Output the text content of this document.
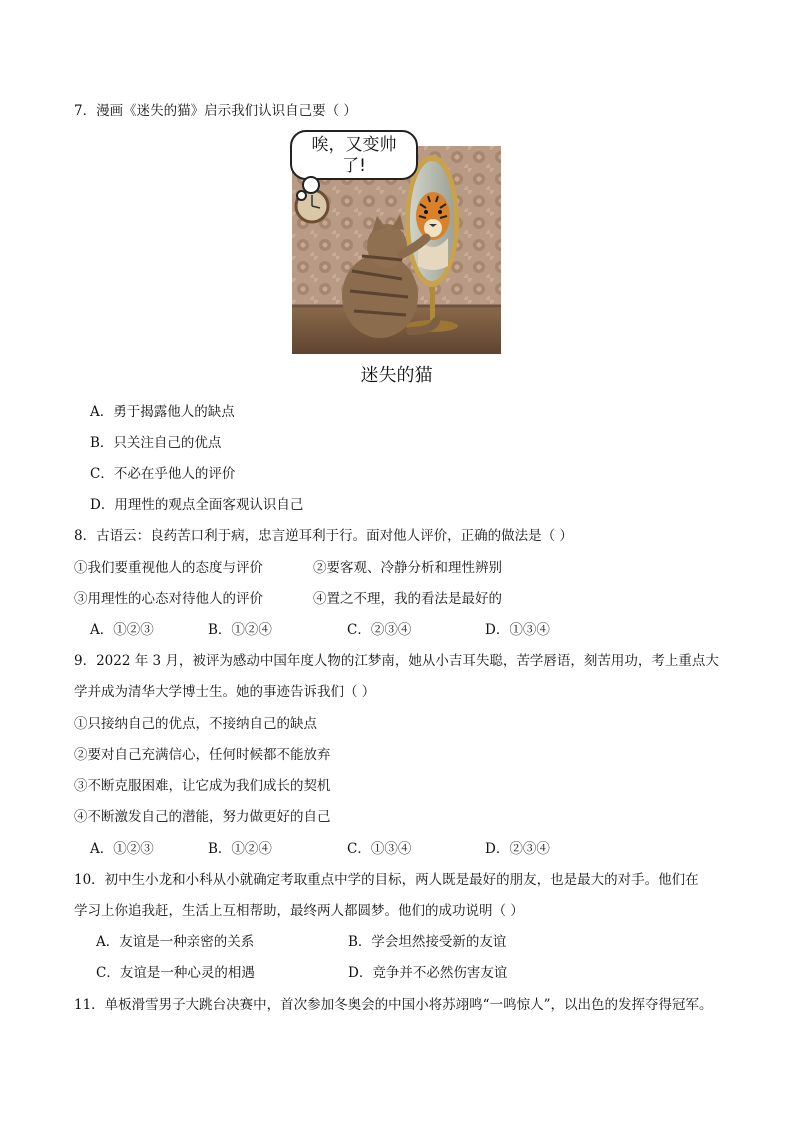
7．漫画《迷失的猫》启示我们认识自己要（ ）
唉，又变帅
了!
迷失的猫
A．勇于揭露他人的缺点
B．只关注自己的优点
C．不必在乎他人的评价
D．用理性的观点全面客观认识自己
8．古语云：良药苦口利于病，忠言逆耳利于行。面对他人评价，正确的做法是（ ）
①我们要重视他人的态度与评价	②要客观、冷静分析和理性辨别
③用理性的心态对待他人的评价	④置之不理，我的看法是最好的
A．①②③	B．①②④	C．②③④	D．①③④
9．2022 年 3 月，被评为感动中国年度人物的江梦南，她从小吉耳失聪，苦学唇语，刻苦用功，考上重点大
学并成为清华大学博士生。她的事迹告诉我们（ ）
①只接纳自己的优点，不接纳自己的缺点
②要对自己充满信心，任何时候都不能放弃
③不断克服困难，让它成为我们成长的契机
④不断激发自己的潜能，努力做更好的自己
A．①②③	B．①②④	C．①③④	D．②③④
10．初中生小龙和小科从小就确定考取重点中学的目标，两人既是最好的朋友，也是最大的对手。他们在
学习上你追我赶，生活上互相帮助，最终两人都圆梦。他们的成功说明（ ）
A．友谊是一种亲密的关系	B．学会坦然接受新的友谊
C．友谊是一种心灵的相遇	D．竞争并不必然伤害友谊
11．单板滑雪男子大跳台决赛中，首次参加冬奥会的中国小将苏翊鸣“一鸣惊人”，以出色的发挥夺得冠军。
